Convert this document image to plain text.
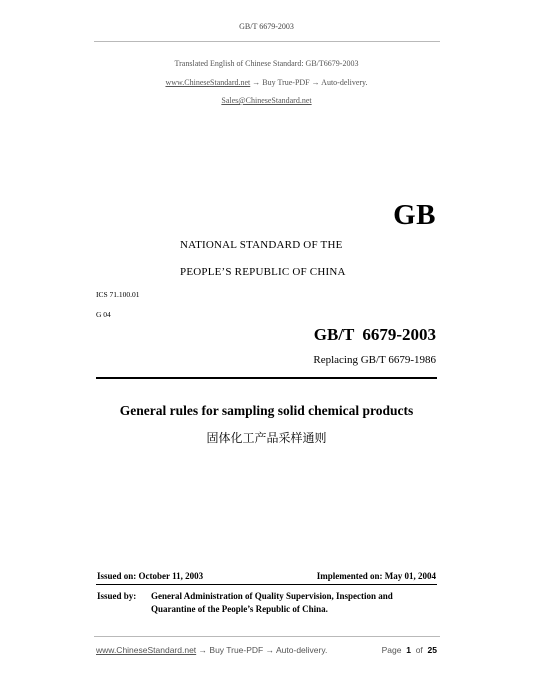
GB/T 6679-2003
Translated English of Chinese Standard: GB/T6679-2003
www.ChineseStandard.net → Buy True-PDF → Auto-delivery.
Sales@ChineseStandard.net
GB
NATIONAL STANDARD OF THE
PEOPLE’S REPUBLIC OF CHINA
ICS 71.100.01
G 04
GB/T 6679-2003
Replacing GB/T 6679-1986
General rules for sampling solid chemical products
固体化工产品采样通则
Issued on: October 11, 2003	Implemented on: May 01, 2004
Issued by: General Administration of Quality Supervision, Inspection and
Quarantine of the People’s Republic of China.
www.ChineseStandard.net → Buy True-PDF → Auto-delivery.	Page 1 of 25
